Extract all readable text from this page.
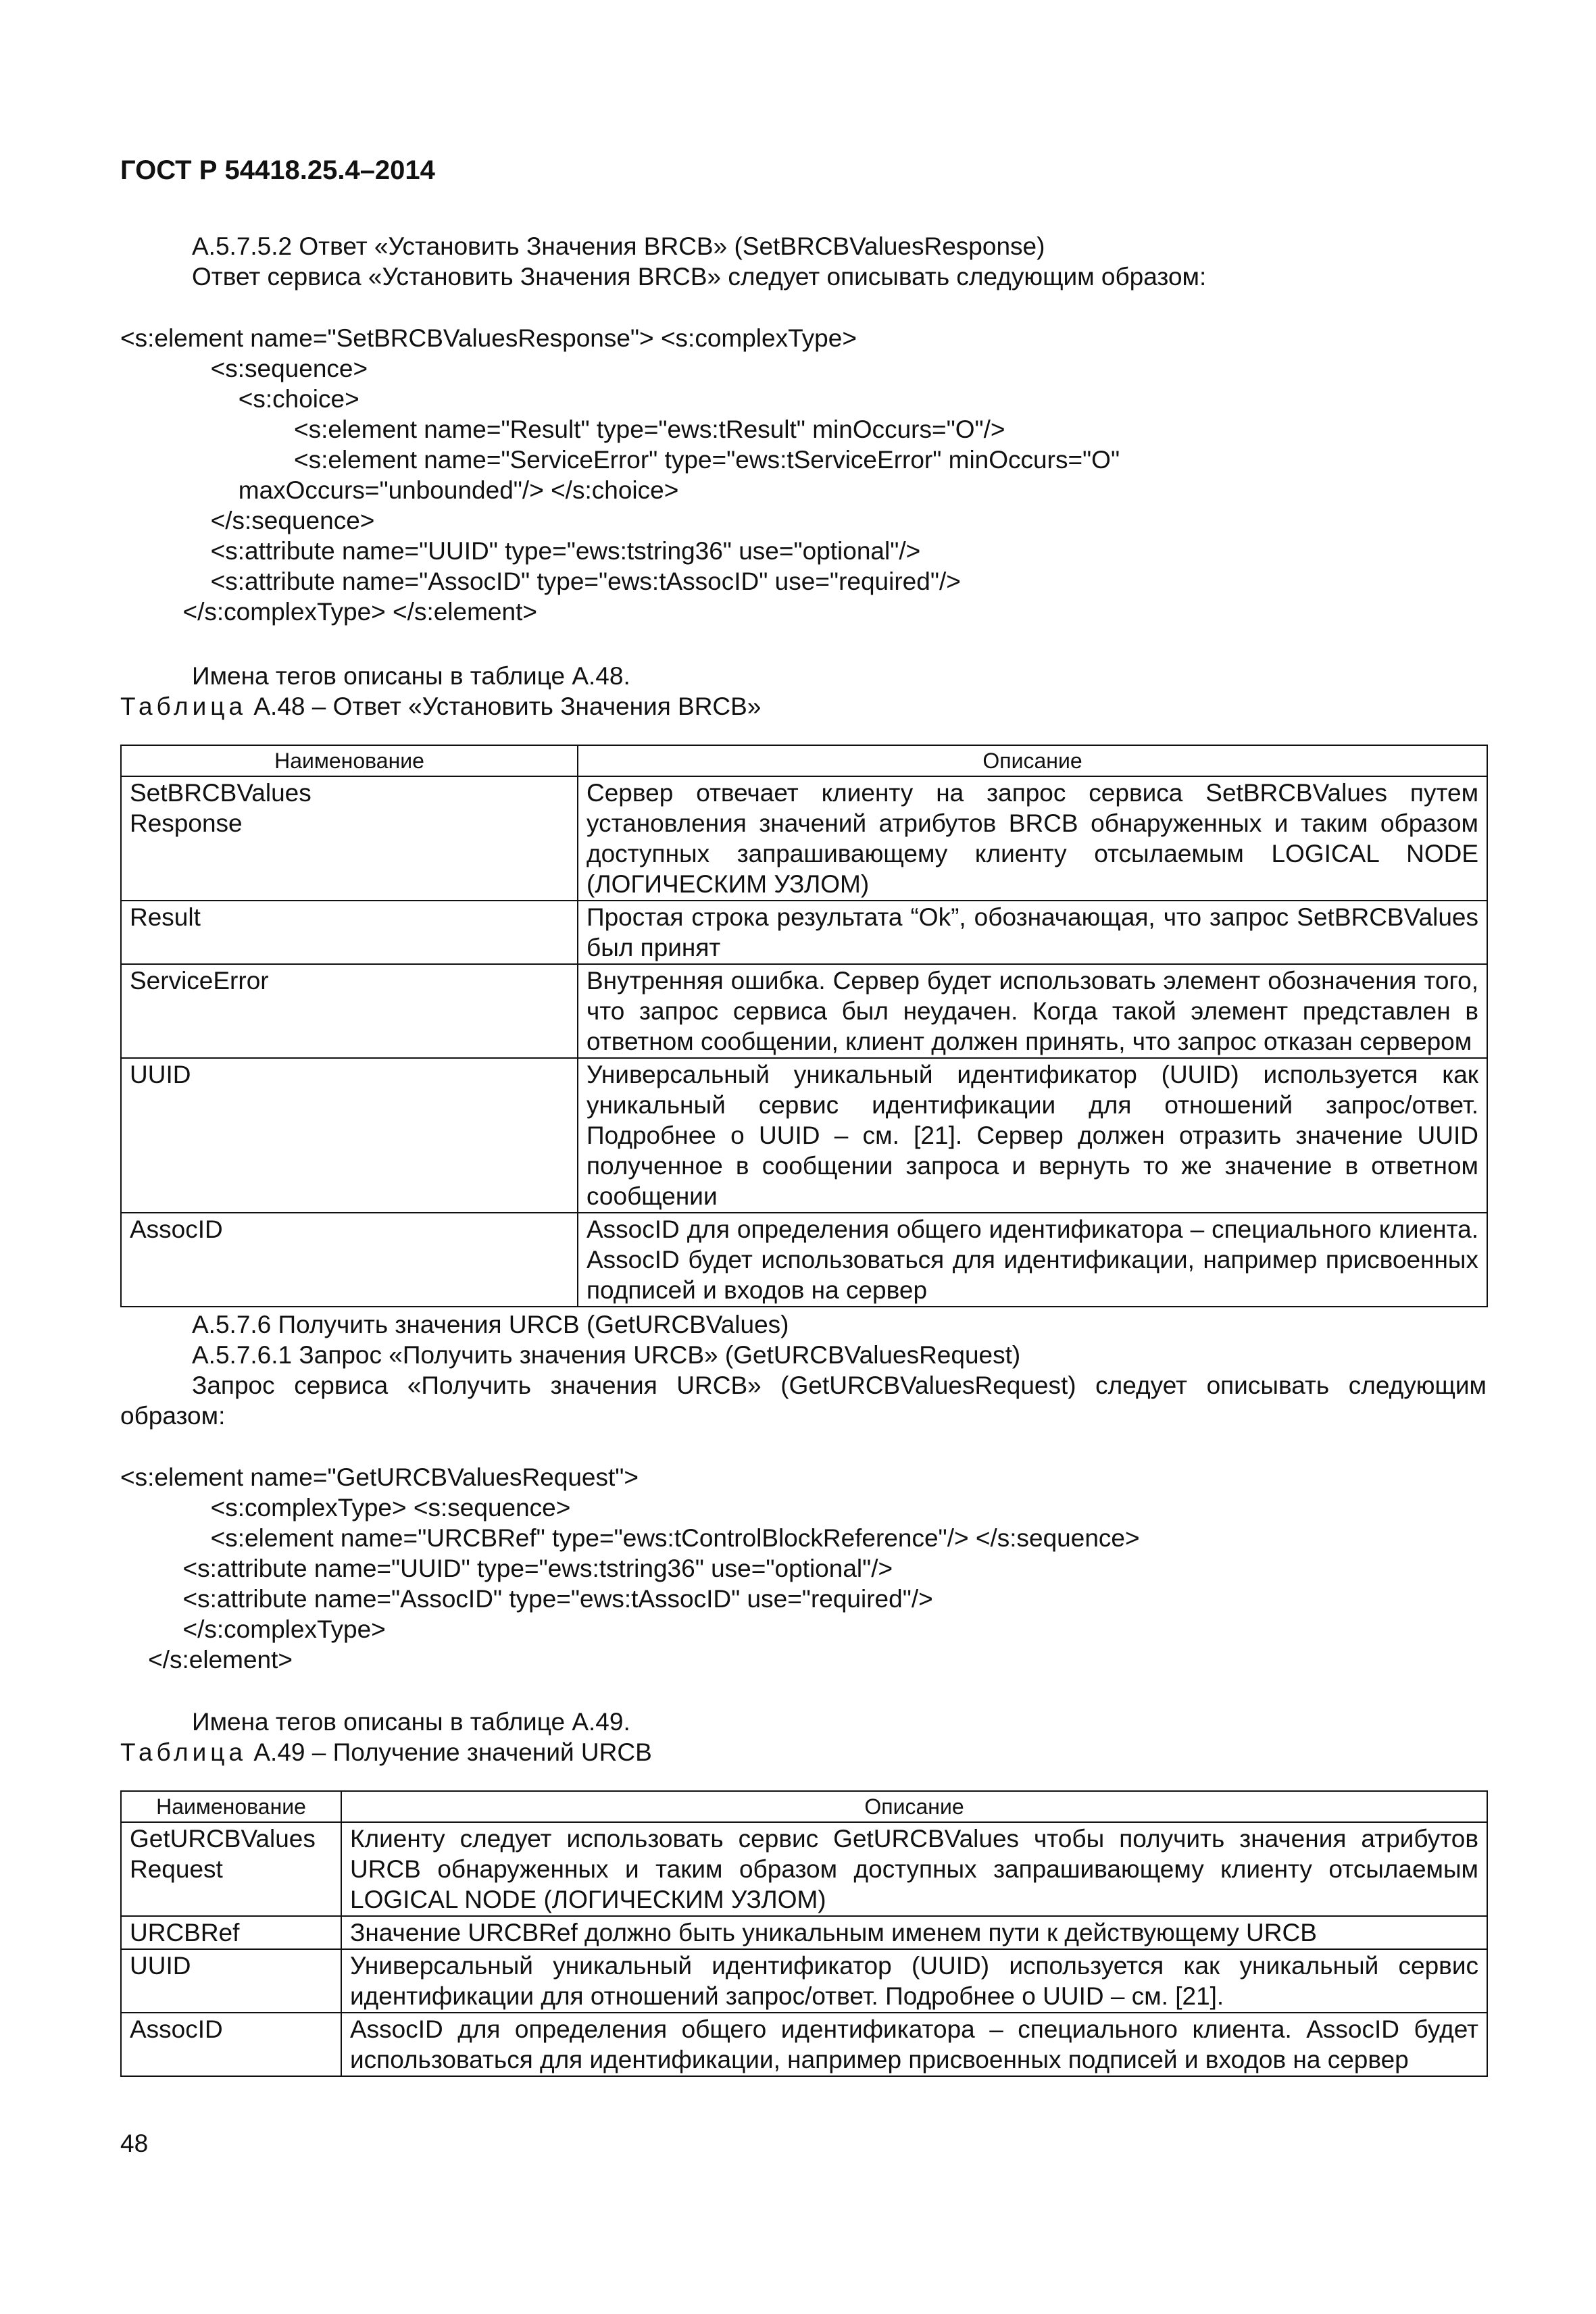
ГОСТ Р 54418.25.4–2014

А.5.7.5.2 Ответ «Установить Значения BRCB» (SetBRCBValuesResponse)

Ответ сервиса «Установить Значения BRCB» следует описывать следующим образом:

<s:element name="SetBRCBValuesResponse"> <s:complexType>

<s:sequence>

<s:choice>

<s:element name="Result" type="ews:tResult" minOccurs="O"/>

<s:element name="ServiceError" type="ews:tServiceError" minOccurs="O"

maxOccurs="unbounded"/> </s:choice>

</s:sequence>

<s:attribute name="UUID" type="ews:tstring36" use="optional"/>

<s:attribute name="AssocID" type="ews:tAssocID" use="required"/>

</s:complexType> </s:element>

Имена тегов описаны в таблице А.48.

Таблица А.48 – Ответ «Установить Значения BRCB»

Наименование	Описание
SetBRCBValues
Response	Сервер отвечает клиенту на запрос сервиса SetBRCBValues путем установления значений атрибутов BRCB обнаруженных и таким образом доступных запрашивающему клиенту отсылаемым LOGICAL NODE (ЛОГИЧЕСКИМ УЗЛОМ)
Result	Простая строка результата “Ok”, обозначающая, что запрос SetBRCBValues был принят
ServiceError	Внутренняя ошибка. Сервер будет использовать элемент обозначения того, что запрос сервиса был неудачен. Когда такой элемент представлен в ответном сообщении, клиент должен принять, что запрос отказан сервером
UUID	Универсальный уникальный идентификатор (UUID) используется как уникальный сервис идентификации для отношений запрос/ответ. Подробнее о UUID – см. [21]. Сервер должен отразить значение UUID полученное в сообщении запроса и вернуть то же значение в ответном сообщении
AssocID	AssocID для определения общего идентификатора – специального клиента. AssocID будет использоваться для идентификации, например присвоенных подписей и входов на сервер

А.5.7.6 Получить значения URCB (GetURCBValues)

А.5.7.6.1 Запрос «Получить значения URCB» (GetURCBValuesRequest)

Запрос сервиса «Получить значения URCB» (GetURCBValuesRequest) следует описывать следующим образом:

<s:element name="GetURCBValuesRequest">

<s:complexType> <s:sequence>

<s:element name="URCBRef" type="ews:tControlBlockReference"/> </s:sequence>

<s:attribute name="UUID" type="ews:tstring36" use="optional"/>

<s:attribute name="AssocID" type="ews:tAssocID" use="required"/>

</s:complexType>

</s:element>

Имена тегов описаны в таблице А.49.

Таблица А.49 – Получение значений URCB

Наименование	Описание
GetURCBValues
Request	Клиенту следует использовать сервис GetURCBValues чтобы получить значения атрибутов URCB обнаруженных и таким образом доступных запрашивающему клиенту отсылаемым LOGICAL NODE (ЛОГИЧЕСКИМ УЗЛОМ)
URCBRef	Значение URCBRef должно быть уникальным именем пути к действующему URCB
UUID	Универсальный уникальный идентификатор (UUID) используется как уникальный сервис идентификации для отношений запрос/ответ. Подробнее о UUID – см. [21].
AssocID	AssocID для определения общего идентификатора – специального клиента. AssocID будет использоваться для идентификации, например присвоенных подписей и входов на сервер
48
